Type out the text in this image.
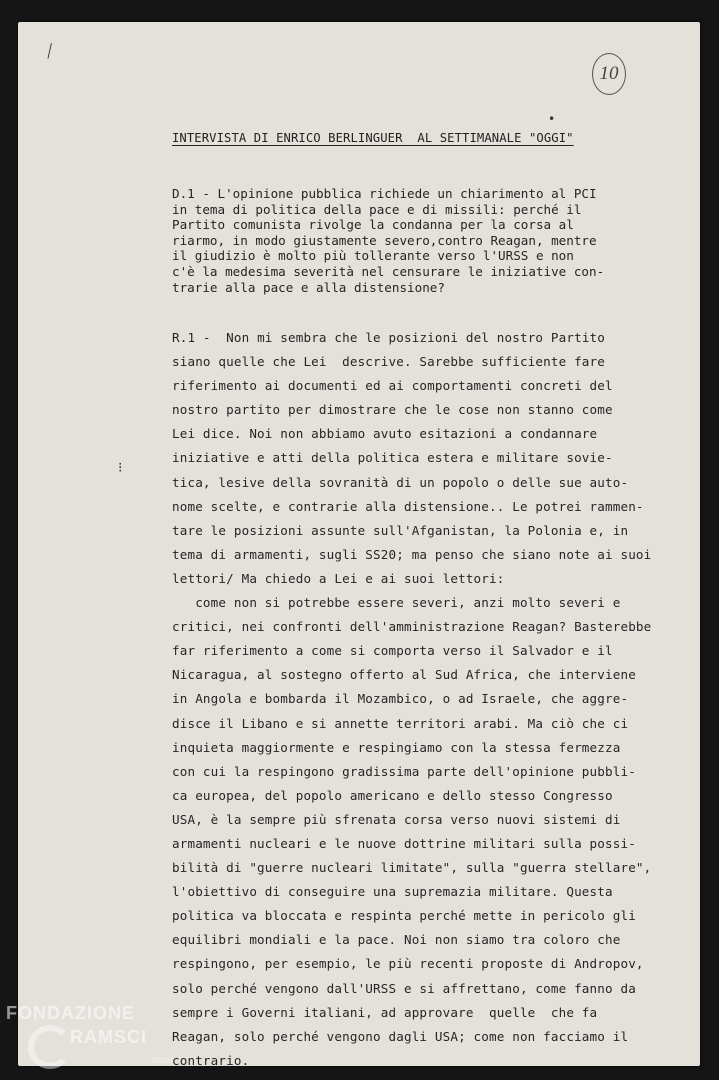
╲
•
⁝
10
INTERVISTA DI ENRICO BERLINGUER  AL SETTIMANALE "OGGI"
D.1 - L'opinione pubblica richiede un chiarimento al PCI
in tema di politica della pace e di missili: perché il
Partito comunista rivolge la condanna per la corsa al
riarmo, in modo giustamente severo,contro Reagan, mentre
il giudizio è molto più tollerante verso l'URSS e non
c'è la medesima severità nel censurare le iniziative con-
trarie alla pace e alla distensione?
R.1 - Non mi sembra che le posizioni del nostro Partito
siano quelle che Lei  descrive. Sarebbe sufficiente fare
riferimento ai documenti ed ai comportamenti concreti del
nostro partito per dimostrare che le cose non stanno come
Lei dice. Noi non abbiamo avuto esitazioni a condannare
iniziative e atti della politica estera e militare sovie-
tica, lesive della sovranità di un popolo o delle sue auto-
nome scelte, e contrarie alla distensione.. Le potrei rammen-
tare le posizioni assunte sull'Afganistan, la Polonia e, in
tema di armamenti, sugli SS20; ma penso che siano note ai suoi
lettori/ Ma chiedo a Lei e ai suoi lettori:
come non si potrebbe essere severi, anzi molto severi e
critici, nei confronti dell'amministrazione Reagan? Basterebbe
far riferimento a come si comporta verso il Salvador e il
Nicaragua, al sostegno offerto al Sud Africa, che interviene
in Angola e bombarda il Mozambico, o ad Israele, che aggre-
disce il Libano e si annette territori arabi. Ma ciò che ci
inquieta maggiormente e respingiamo con la stessa fermezza
con cui la respingono gradissima parte dell'opinione pubbli-
ca europea, del popolo americano e dello stesso Congresso
USA, è la sempre più sfrenata corsa verso nuovi sistemi di
armamenti nucleari e le nuove dottrine militari sulla possi-
bilità di "guerre nucleari limitate", sulla "guerra stellare",
l'obiettivo di conseguire una supremazia militare. Questa
politica va bloccata e respinta perché mette in pericolo gli
equilibri mondiali e la pace. Noi non siamo tra coloro che
respingono, per esempio, le più recenti proposte di Andropov,
solo perché vengono dall'URSS e si affrettano, come fanno da
sempre i Governi italiani, ad approvare  quelle  che fa
Reagan, solo perché vengono dagli USA; come non facciamo il
contrario.
FONDAZIONE
RAMSCI
onlus
